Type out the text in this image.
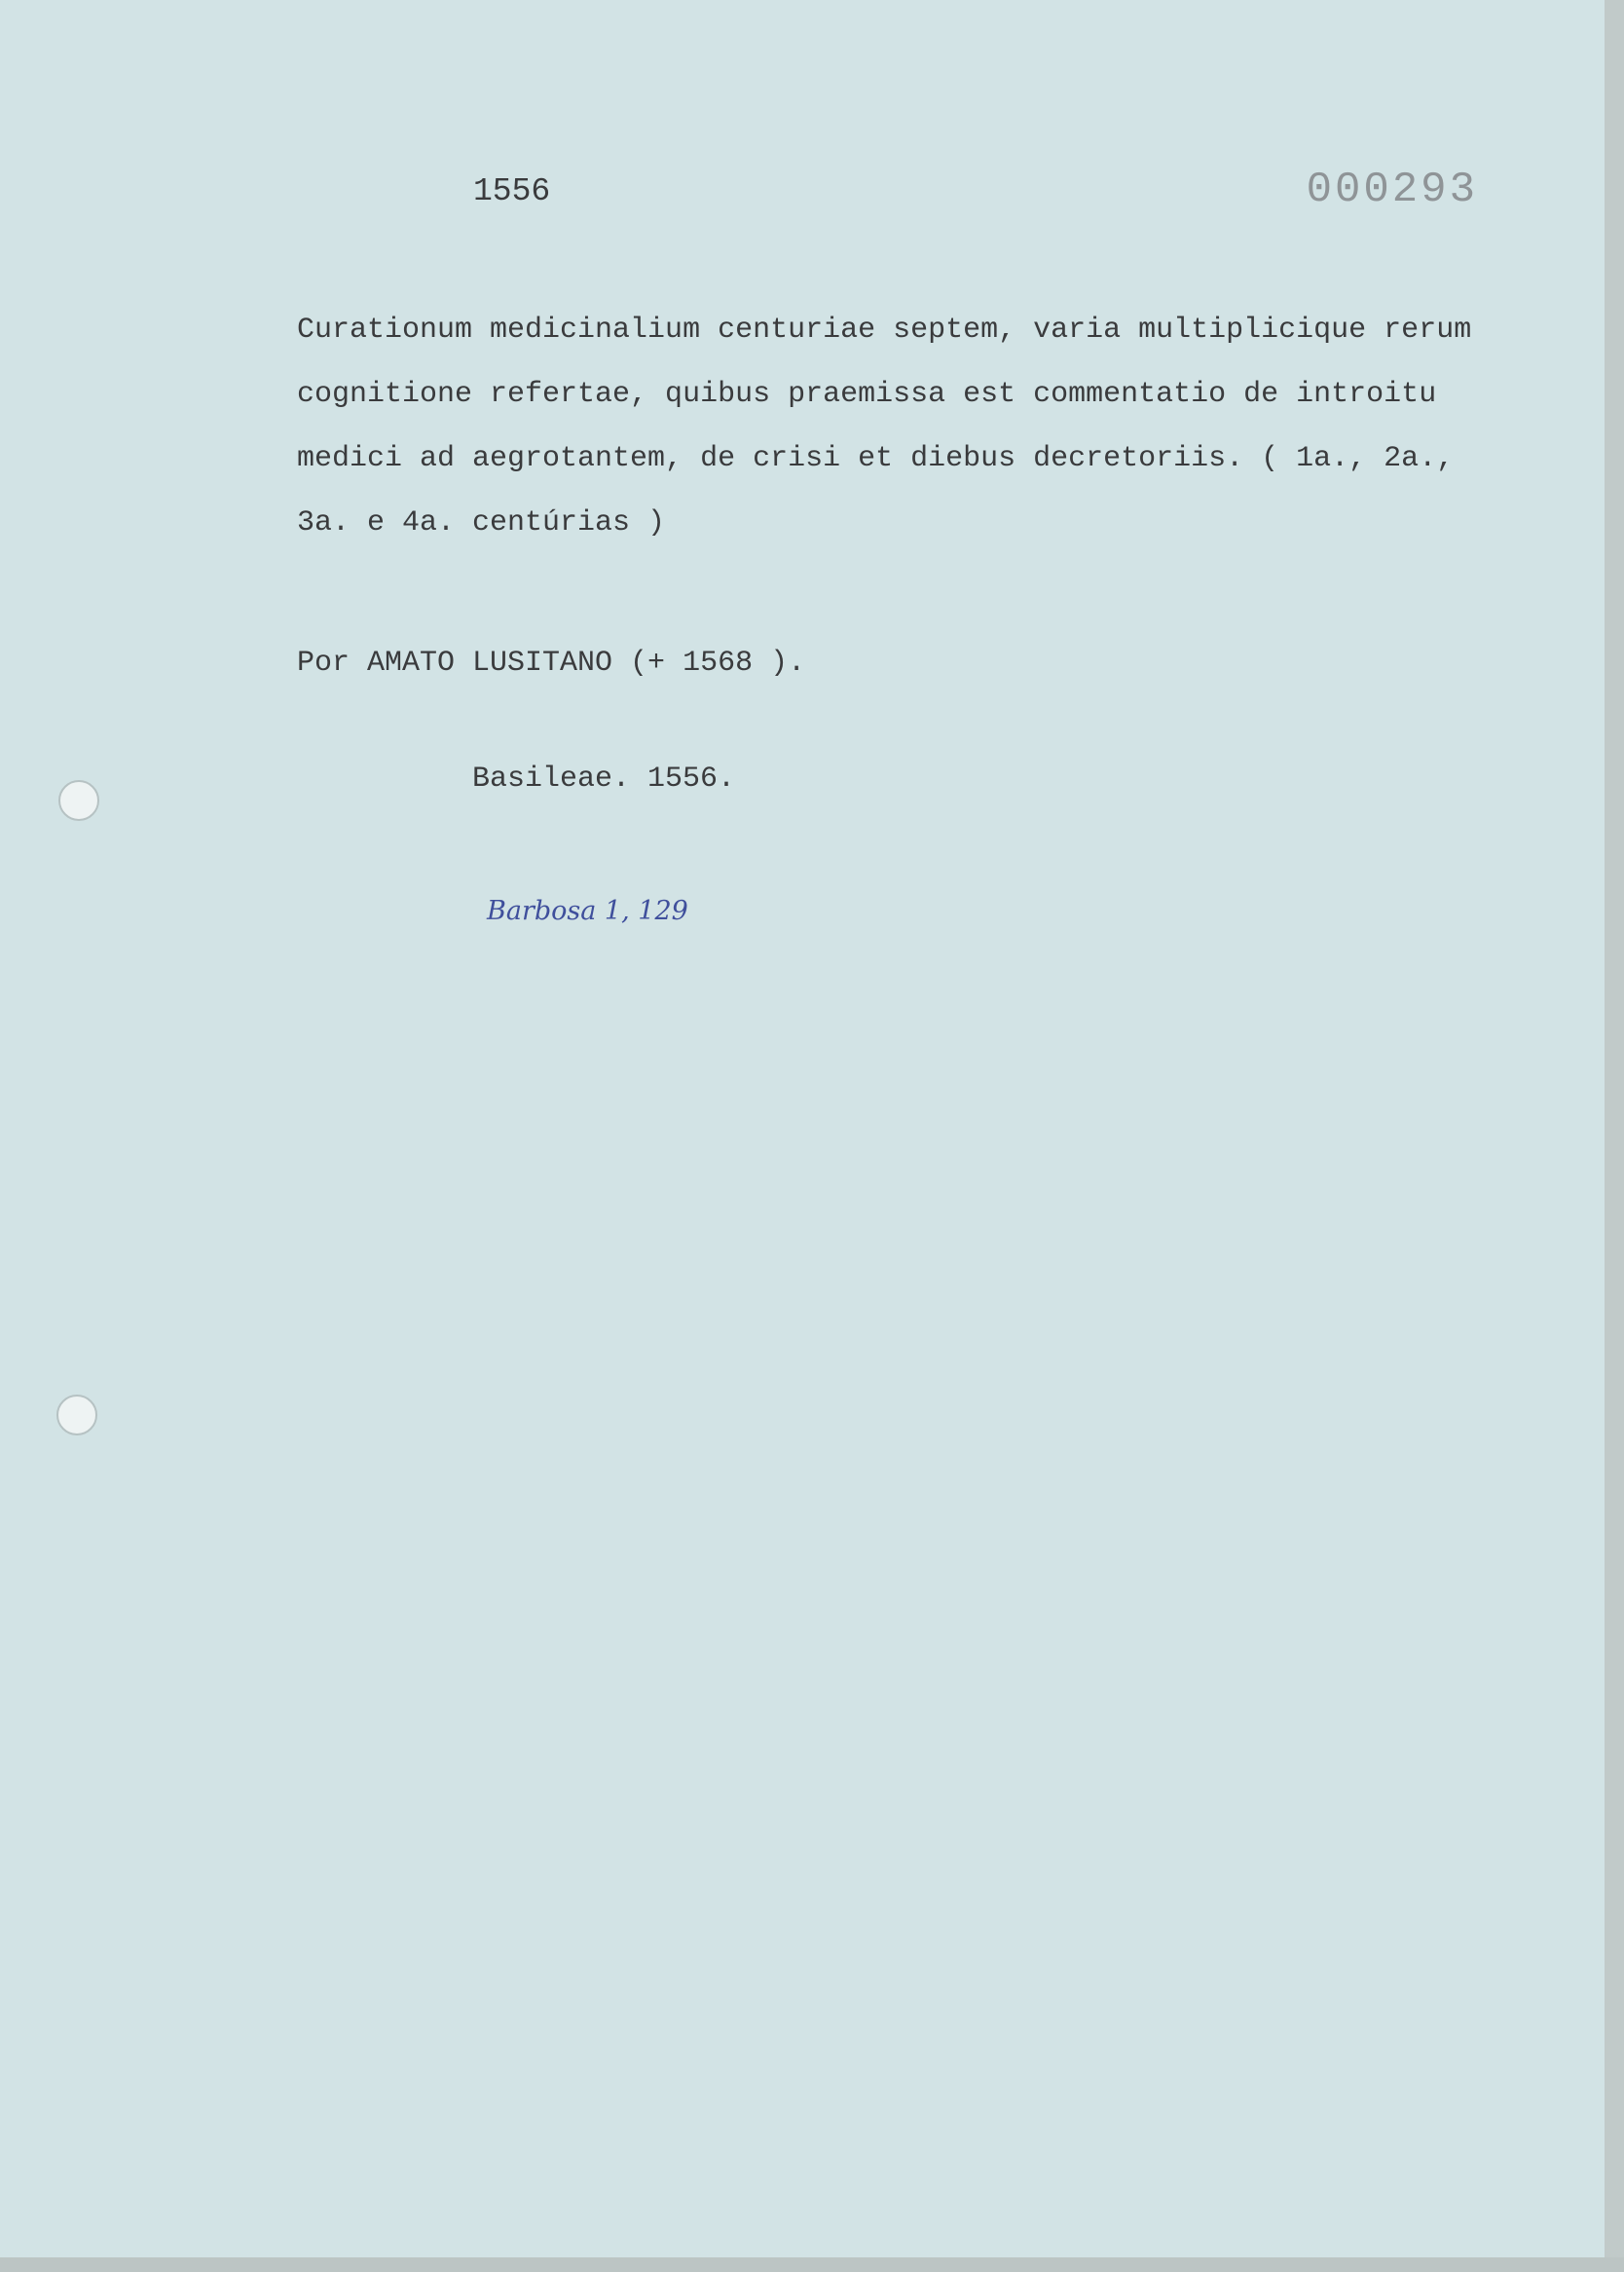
1556	000293
Curationum medicinalium centuriae septem, varia multiplicique rerum
cognitione refertae, quibus praemissa est commentatio de introitu
medici ad aegrotantem, de crisi et diebus decretoriis. ( 1a., 2a.,
3a. e 4a. centúrias )
Por AMATO LUSITANO (+ 1568 ).
Basileae. 1556.
Barbosa 1, 129
